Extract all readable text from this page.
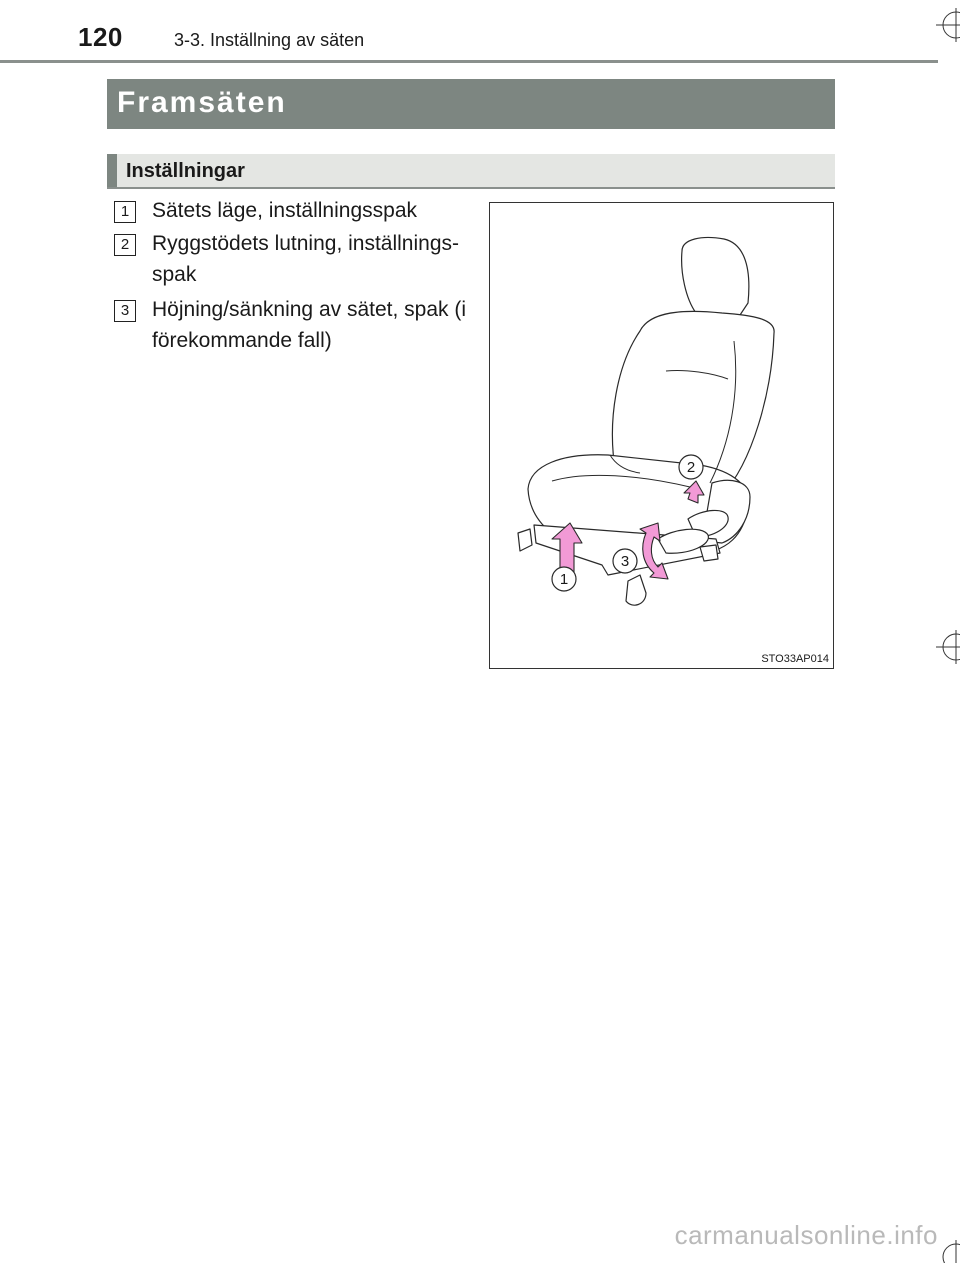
120	3-3. Inställning av säten
Framsäten
Inställningar
1	Sätets läge, inställningsspak
2	Ryggstödets lutning, inställnings-spak
3	Höjning/sänkning av sätet, spak (i förekommande fall)
1
2
3
STO33AP014
carmanualsonline.info
